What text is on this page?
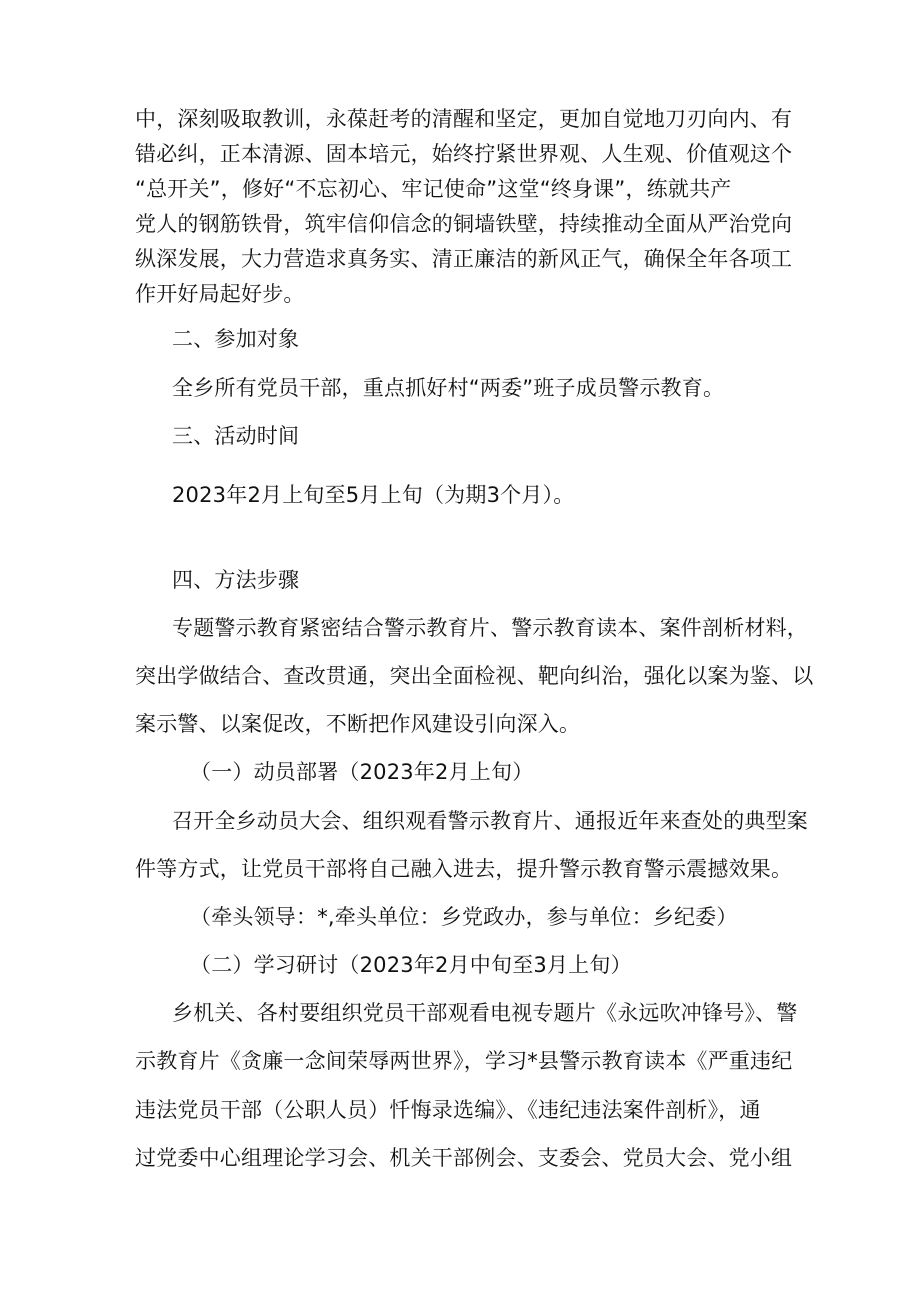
中，深刻吸取教训，永葆赶考的清醒和坚定，更加自觉地刀刃向内、有
错必纠，正本清源、固本培元，始终拧紧世界观、人生观、价值观这个
“总开关”，修好“不忘初心、牢记使命”这堂“终身课”，练就共产
党人的钢筋铁骨，筑牢信仰信念的铜墙铁壁，持续推动全面从严治党向
纵深发展，大力营造求真务实、清正廉洁的新风正气，确保全年各项工
作开好局起好步。
二、参加对象
全乡所有党员干部，重点抓好村“两委”班子成员警示教育。
三、活动时间
2023年2月上旬至5月上旬（为期3个月）。
四、方法步骤
专题警示教育紧密结合警示教育片、警示教育读本、案件剖析材料，
突出学做结合、查改贯通，突出全面检视、靶向纠治，强化以案为鉴、以
案示警、以案促改，不断把作风建设引向深入。
（一）动员部署（2023年2月上旬）
召开全乡动员大会、组织观看警示教育片、通报近年来查处的典型案
件等方式，让党员干部将自己融入进去，提升警示教育警示震撼效果。
（牵头领导：*,牵头单位：乡党政办，参与单位：乡纪委）
（二）学习研讨（2023年2月中旬至3月上旬）
乡机关、各村要组织党员干部观看电视专题片《永远吹冲锋号》、警
示教育片《贪廉一念间荣辱两世界》，学习*县警示教育读本《严重违纪
违法党员干部（公职人员）忏悔录选编》、《违纪违法案件剖析》，通
过党委中心组理论学习会、机关干部例会、支委会、党员大会、党小组
